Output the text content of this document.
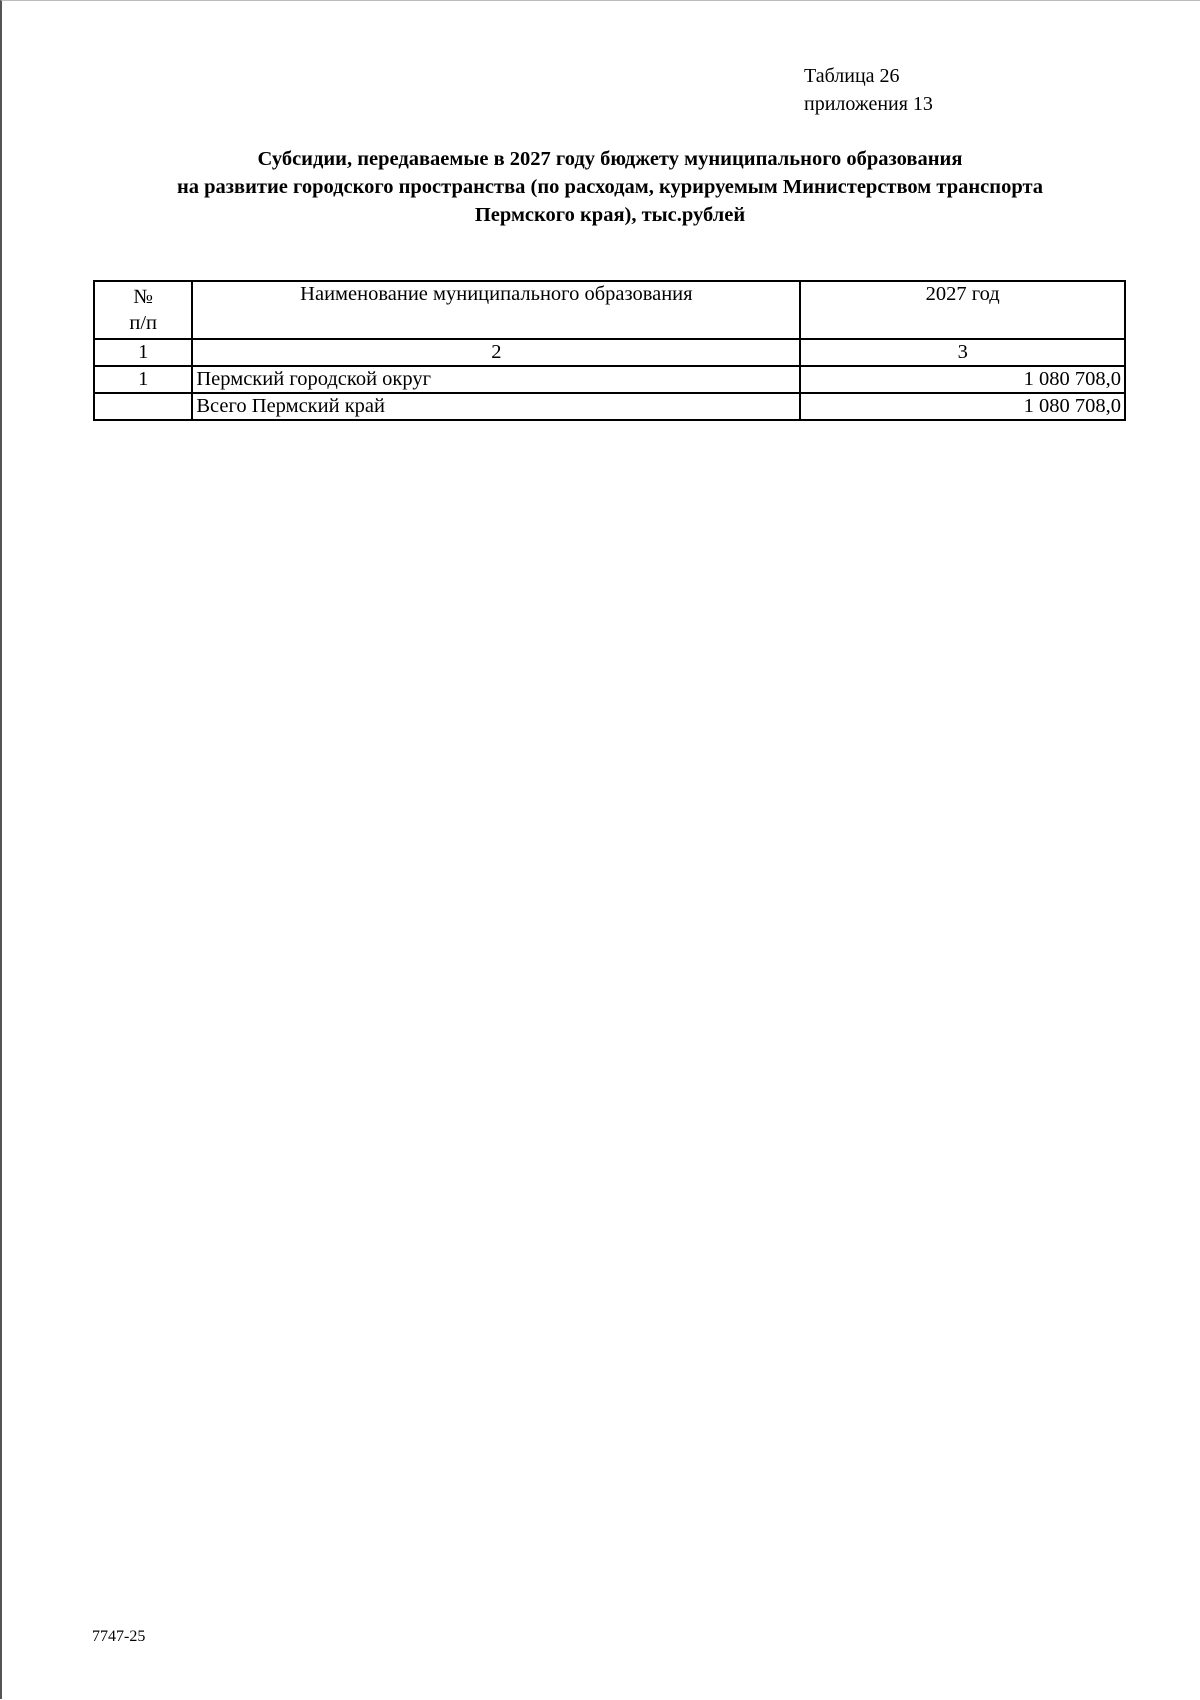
Таблица 26
приложения 13
Субсидии, передаваемые в 2027 году бюджету муниципального образования
на развитие городского пространства (по расходам, курируемым Министерством транспорта
Пермского края), тыс.рублей
№
п/п	Наименование муниципального образования	2027 год
1	2	3
1	Пермский городской округ	1 080 708,0
	Всего Пермский край	1 080 708,0
7747-25
